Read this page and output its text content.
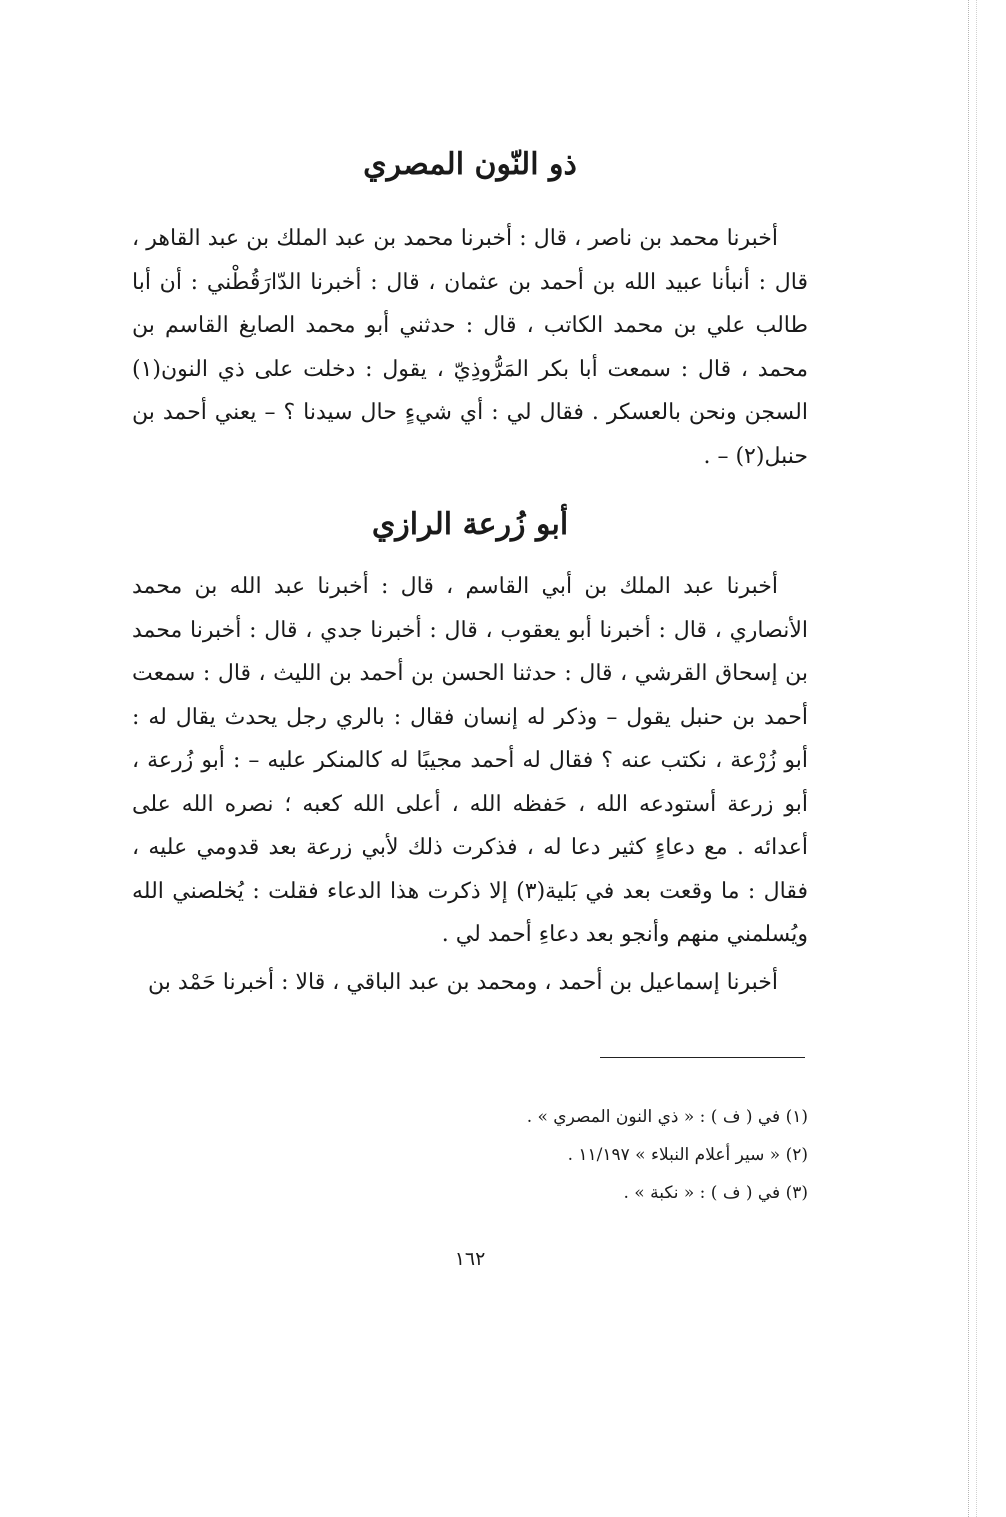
ذو النّون المصري

أخبرنا محمد بن ناصر ، قال : أخبرنا محمد بن عبد الملك بن عبد القاهر ، قال : أنبأنا عبيد الله بن أحمد بن عثمان ، قال : أخبرنا الدّارَقُطْني : أن أبا طالب علي بن محمد الكاتب ، قال : حدثني أبو محمد الصايغ القاسم بن محمد ، قال : سمعت أبا بكر المَرُّوذِيّ ، يقول : دخلت على ذي النون(١) السجن ونحن بالعسكر . فقال لي : أي شيءٍ حال سيدنا ؟ – يعني أحمد بن حنبل(٢) – .

أبو زُرعة الرازي

أخبرنا عبد الملك بن أبي القاسم ، قال : أخبرنا عبد الله بن محمد الأنصاري ، قال : أخبرنا أبو يعقوب ، قال : أخبرنا جدي ، قال : أخبرنا محمد بن إسحاق القرشي ، قال : حدثنا الحسن بن أحمد بن الليث ، قال : سمعت أحمد بن حنبل يقول – وذكر له إنسان فقال : بالري رجل يحدث يقال له : أبو زُرْعة ، نكتب عنه ؟ فقال له أحمد مجيبًا له كالمنكر عليه – : أبو زُرعة ، أبو زرعة أستودعه الله ، حَفظه الله ، أعلى الله كعبه ؛ نصره الله على أعدائه . مع دعاءٍ كثير دعا له ، فذكرت ذلك لأبي زرعة بعد قدومي عليه ، فقال : ما وقعت بعد في بَلية(٣) إلا ذكرت هذا الدعاء فقلت : يُخلصني الله ويُسلمني منهم وأنجو بعد دعاءِ أحمد لي .

أخبرنا إسماعيل بن أحمد ، ومحمد بن عبد الباقي ، قالا : أخبرنا حَمْد بن

(١) في ( ف ) : « ذي النون المصري » .

(٢) « سير أعلام النبلاء » ١١/١٩٧ .

(٣) في ( ف ) : « نكبة » .

١٦٢
